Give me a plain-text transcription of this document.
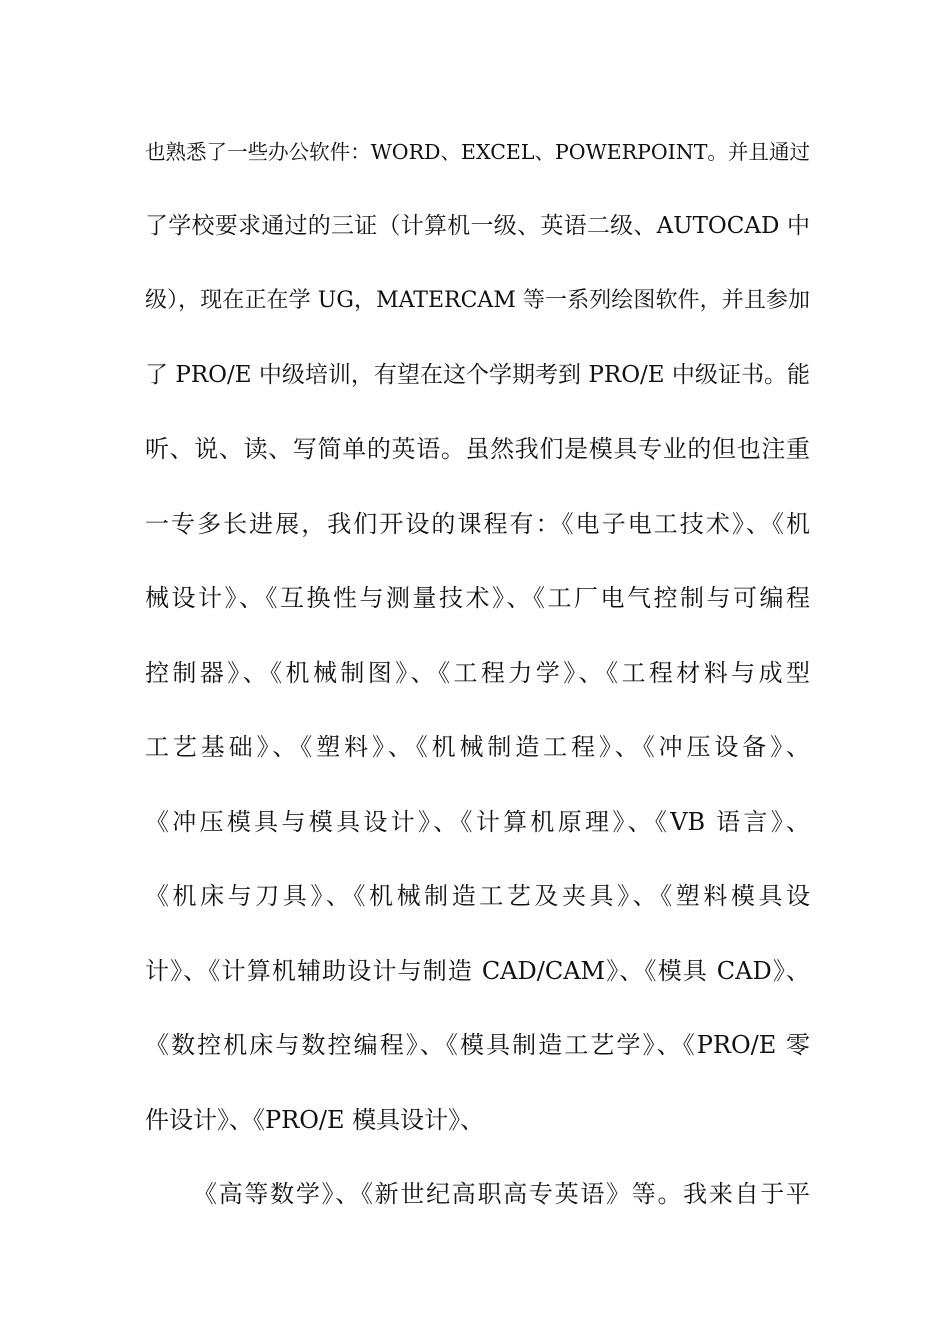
也熟悉了一些办公软件：WORD、EXCEL、POWERPOINT。并且通过
了学校要求通过的三证（计算机一级、英语二级、AUTOCAD 中
级），现在正在学 UG，MATERCAM 等一系列绘图软件，并且参加
了 PRO/E 中级培训，有望在这个学期考到 PRO/E 中级证书。能
听、说、读、写简单的英语。虽然我们是模具专业的但也注重
一专多长进展，我们开设的课程有：《电子电工技术》、《机
械设计》、《互换性与测量技术》、《工厂电气控制与可编程
控制器》、《机械制图》、《工程力学》、《工程材料与成型
工艺基础》、《塑料》、《机械制造工程》、《冲压设备》、
《冲压模具与模具设计》、《计算机原理》、《VB 语言》、
《机床与刀具》、《机械制造工艺及夹具》、《塑料模具设
计》、《计算机辅助设计与制造 CAD/CAM》、《模具 CAD》、
《数控机床与数控编程》、《模具制造工艺学》、《PRO/E 零
件设计》、《PRO/E 模具设计》、
《高等数学》、《新世纪高职高专英语》等。我来自于平
